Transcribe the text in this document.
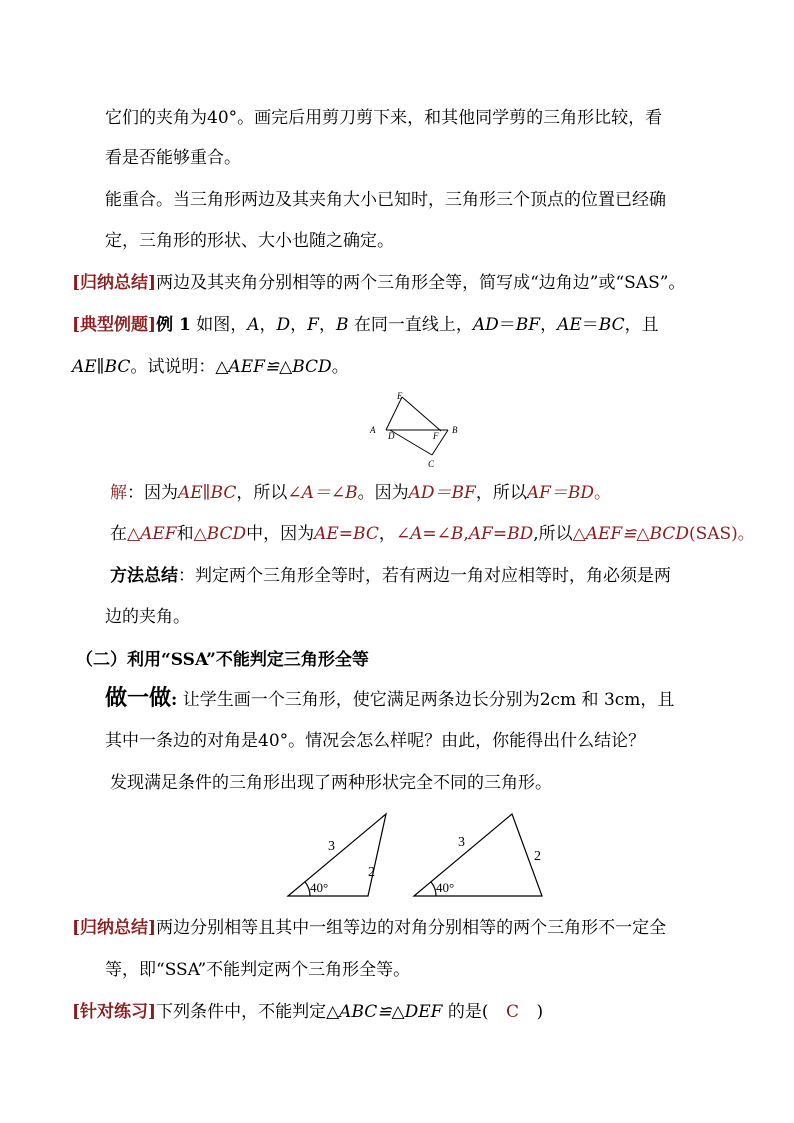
它们的夹角为40°。画完后用剪刀剪下来，和其他同学剪的三角形比较，看
看是否能够重合。
能重合。当三角形两边及其夹角大小已知时，三角形三个顶点的位置已经确
定，三角形的形状、大小也随之确定。
[归纳总结]两边及其夹角分别相等的两个三角形全等，简写成“边角边”或“SAS”。
[典型例题]例 1 如图，A，D，F，B 在同一直线上，AD＝BF，AE＝BC，且
AE∥BC。试说明：△AEF≌△BCD。
E
A
D	F
B
C
解：因为AE∥BC，所以∠A＝∠B。因为AD＝BF，所以AF＝BD。
在△AEF和△BCD中，因为AE=BC，∠A=∠B,AF=BD,所以△AEF≌△BCD(SAS)。
方法总结：判定两个三角形全等时，若有两边一角对应相等时，角必须是两
边的夹角。
（二）利用“SSA”不能判定三角形全等
做一做: 让学生画一个三角形，使它满足两条边长分别为2cm 和 3cm，且
其中一条边的对角是40°。情况会怎么样呢？由此，你能得出什么结论？
发现满足条件的三角形出现了两种形状完全不同的三角形。
3
2
40°
3
2
40°
[归纳总结]两边分别相等且其中一组等边的对角分别相等的两个三角形不一定全
等，即“SSA”不能判定两个三角形全等。
[针对练习]下列条件中，不能判定△ABC≌△DEF 的是( C )
